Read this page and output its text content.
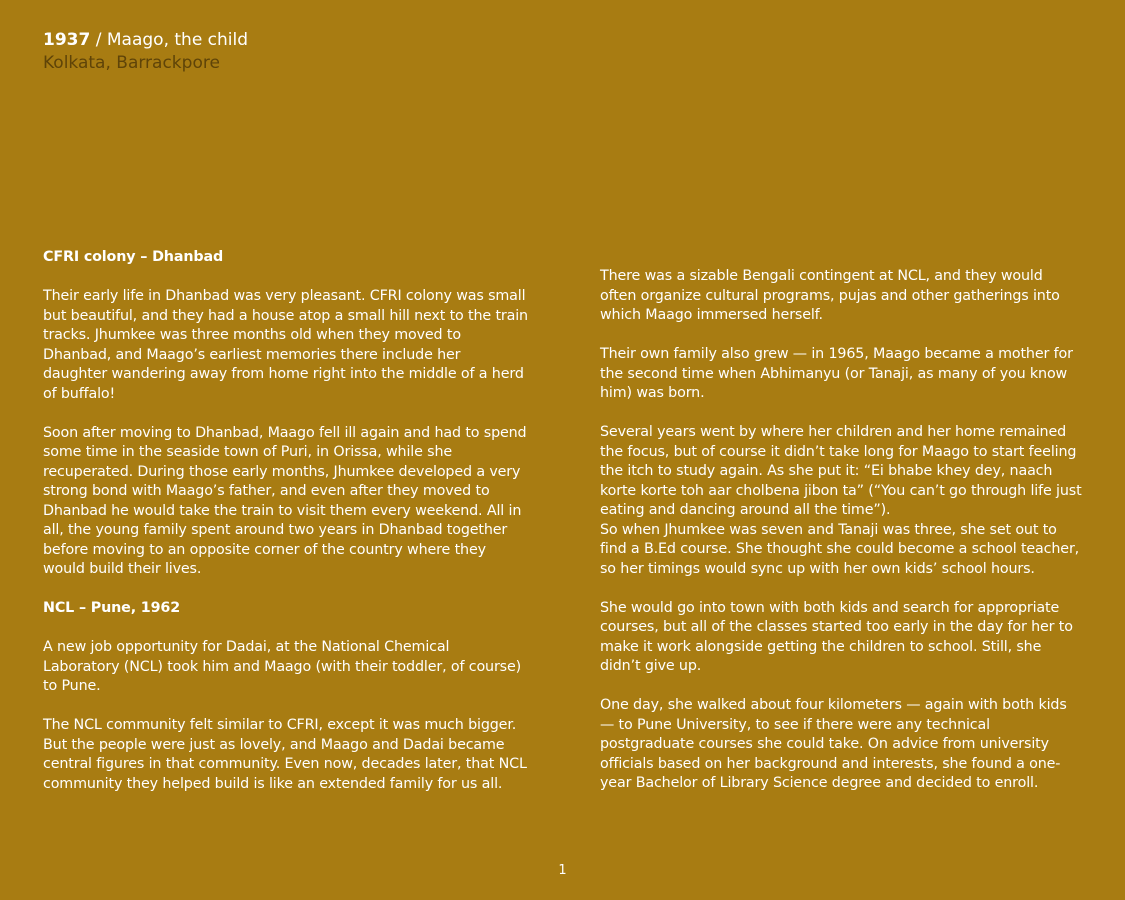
1937 / Maago, the child
Kolkata, Barrackpore
CFRI colony – Dhanbad

Their early life in Dhanbad was very pleasant. CFRI colony was small but beautiful, and they had a house atop a small hill next to the train tracks. Jhumkee was three months old when they moved to Dhanbad, and Maago’s earliest memories there include her daughter wandering away from home right into the middle of a herd of buffalo!

Soon after moving to Dhanbad, Maago fell ill again and had to spend some time in the seaside town of Puri, in Orissa, while she recuperated. During those early months, Jhumkee developed a very strong bond with Maago’s father, and even after they moved to Dhanbad he would take the train to visit them every weekend. All in all, the young family spent around two years in Dhanbad together before moving to an opposite corner of the country where they would build their lives.

NCL – Pune, 1962

A new job opportunity for Dadai, at the National Chemical Laboratory (NCL) took him and Maago (with their toddler, of course) to Pune.

The NCL community felt similar to CFRI, except it was much bigger. But the people were just as lovely, and Maago and Dadai became central figures in that community. Even now, decades later, that NCL community they helped build is like an extended family for us all.

There was a sizable Bengali contingent at NCL, and they would often organize cultural programs, pujas and other gatherings into which Maago immersed herself.

Their own family also grew — in 1965, Maago became a mother for the second time when Abhimanyu (or Tanaji, as many of you know him) was born.

Several years went by where her children and her home remained the focus, but of course it didn’t take long for Maago to start feeling the itch to study again. As she put it: “Ei bhabe khey dey, naach korte korte toh aar cholbena jibon ta” (“You can’t go through life just eating and dancing around all the time”).

So when Jhumkee was seven and Tanaji was three, she set out to find a B.Ed course. She thought she could become a school teacher, so her timings would sync up with her own kids’ school hours.

She would go into town with both kids and search for appropriate courses, but all of the classes started too early in the day for her to make it work alongside getting the children to school. Still, she didn’t give up.

One day, she walked about four kilometers — again with both kids — to Pune University, to see if there were any technical postgraduate courses she could take. On advice from university officials based on her background and interests, she found a one-year Bachelor of Library Science degree and decided to enroll.

1
